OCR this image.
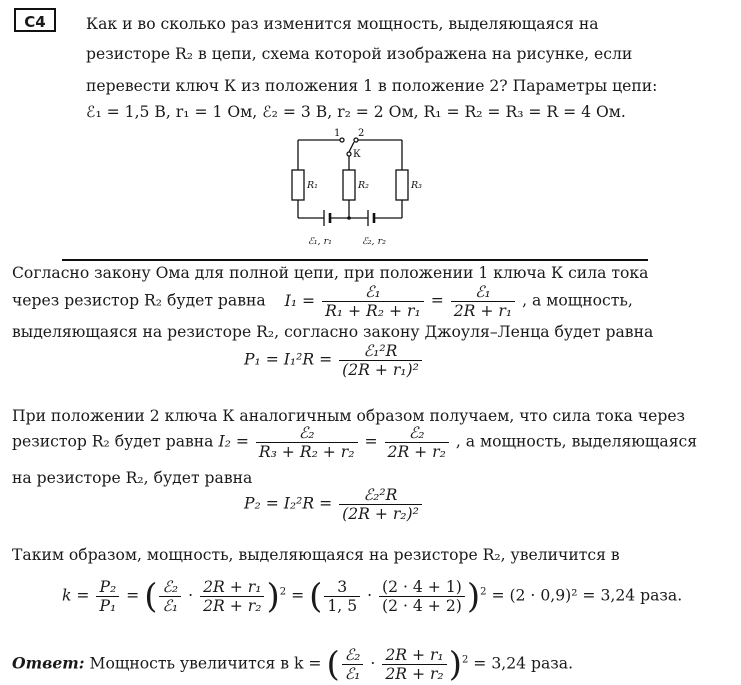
С4	Как и во сколько раз изменится мощность, выделяющаяся на
резисторе R₂ в цепи, схема которой изображена на рисунке, если
перевести ключ К из положения 1 в положение 2? Параметры цепи:
ℰ₁ = 1,5 В, r₁ = 1 Ом, ℰ₂ = 3 В, r₂ = 2 Ом, R₁ = R₂ = R₃ = R = 4 Ом.
1 2
К
R₁	R₂	R₃
ℰ₁, r₁	ℰ₂, r₂
Согласно закону Ома для полной цепи, при положении 1 ключа К сила тока
через резистор R₂ будет равна $I_1 = \frac{\text{ℰ₁}}{\text{R₁ + R₂ + r₁}} = \frac{\text{ℰ₁}}{\text{2R + r₁}}$ , а мощность,
выделяющаяся на резисторе R₂, согласно закону Джоуля–Ленца будет равна
$P_1 = I_1^2R = \frac{\text{ℰ₁²R}}{\text{(2R + r₁)²}}$
При положении 2 ключа К аналогичным образом получаем, что сила тока через
резистор R₂ будет равна $I_2 = \frac{\text{ℰ₂}}{\text{R₃ + R₂ + r₂}} = \frac{\text{ℰ₂}}{\text{2R + r₂}}$ , а мощность, выделяющаяся
на резисторе R₂, будет равна
$P_2 = I_2^2R = \frac{\text{ℰ₂²R}}{\text{(2R + r₂)²}}$
Таким образом, мощность, выделяющаяся на резисторе R₂, увеличится в
$k = \frac{\text{P₂}}{\text{P₁}}$ = ( $\frac{\text{ℰ₂}}{\text{ℰ₁}} \cdot \frac{\text{2R + r₁}}{\text{2R + r₂}} )^2$ = ( $\frac{3}{1, 5} \cdot \frac{(2 \cdot 4 + 1)}{(2 \cdot 4 + 2)} )^2 = (2 \cdot 0,9)^2 = 3,24$ раза.
Ответ: Мощность увеличится в k = ( $\frac{\text{ℰ₂}}{\text{ℰ₁}} \cdot \frac{\text{2R + r₁}}{\text{2R + r₂}} )^2 = 3,24$ раза.
